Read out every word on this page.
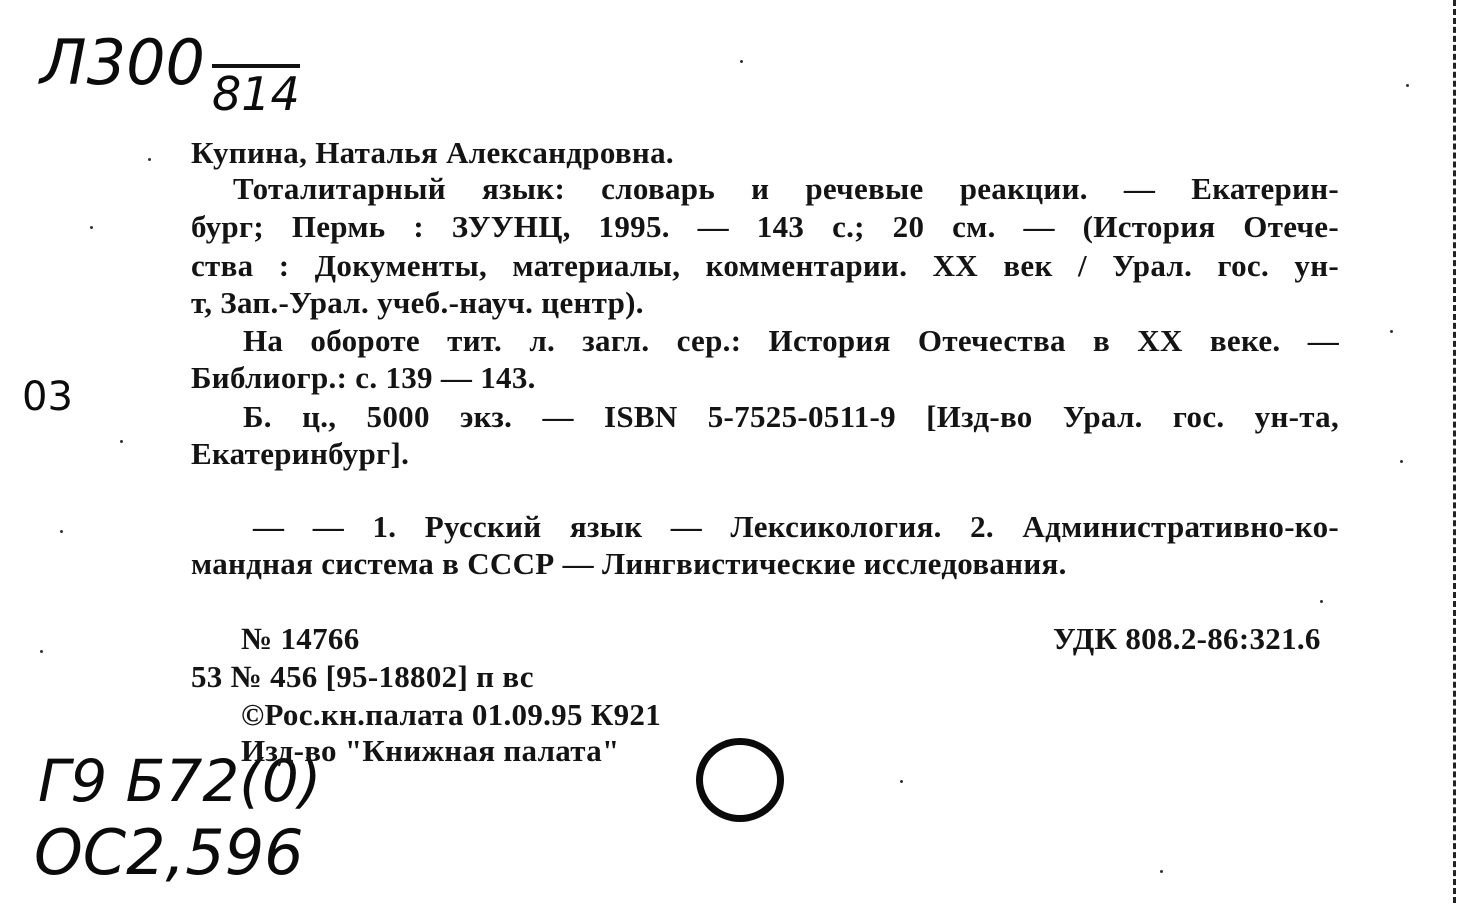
Л300 814
03
Г9 Б72(0)
ОС2,596
Купина, Наталья Александровна.
Тоталитарный язык: словарь и речевые реакции. — Екатерин-
бург; Пермь : ЗУУНЦ, 1995. — 143 с.; 20 см. — (История Отече-
ства : Документы, материалы, комментарии. XX век / Урал. гос. ун-
т, Зап.-Урал. учеб.-науч. центр).
На обороте тит. л. загл. сер.: История Отечества в XX веке. —
Библиогр.: с. 139 — 143.
Б. ц., 5000 экз. — ISBN 5-7525-0511-9 [Изд-во Урал. гос. ун-та,
Екатеринбург].
— — 1. Русский язык — Лексикология. 2. Административно-ко-
мандная система в СССР — Лингвистические исследования.
№ 14766	УДК 808.2-86:321.6
53 № 456 [95-18802] п вс
©Рос.кн.палата 01.09.95 К921
Изд-во "Книжная палата"
